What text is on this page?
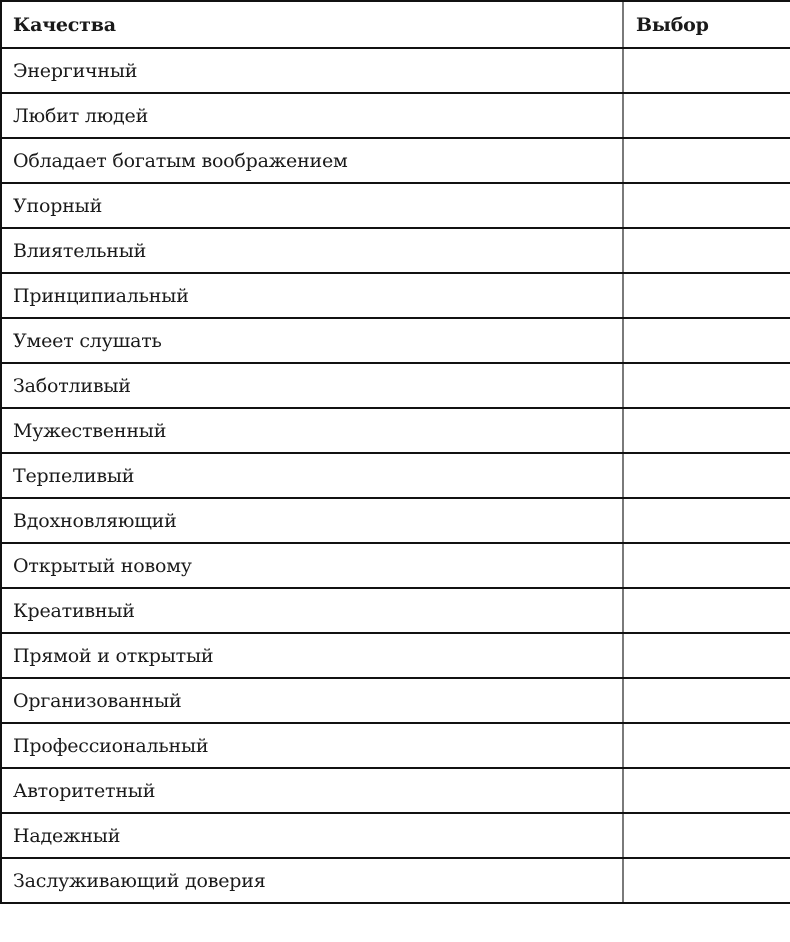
Качества	Выбор
Энергичный	
Любит людей	
Обладает богатым воображением	
Упорный	
Влиятельный	
Принципиальный	
Умеет слушать	
Заботливый	
Мужественный	
Терпеливый	
Вдохновляющий	
Открытый новому	
Креативный	
Прямой и открытый	
Организованный	
Профессиональный	
Авторитетный	
Надежный	
Заслуживающий доверия	
